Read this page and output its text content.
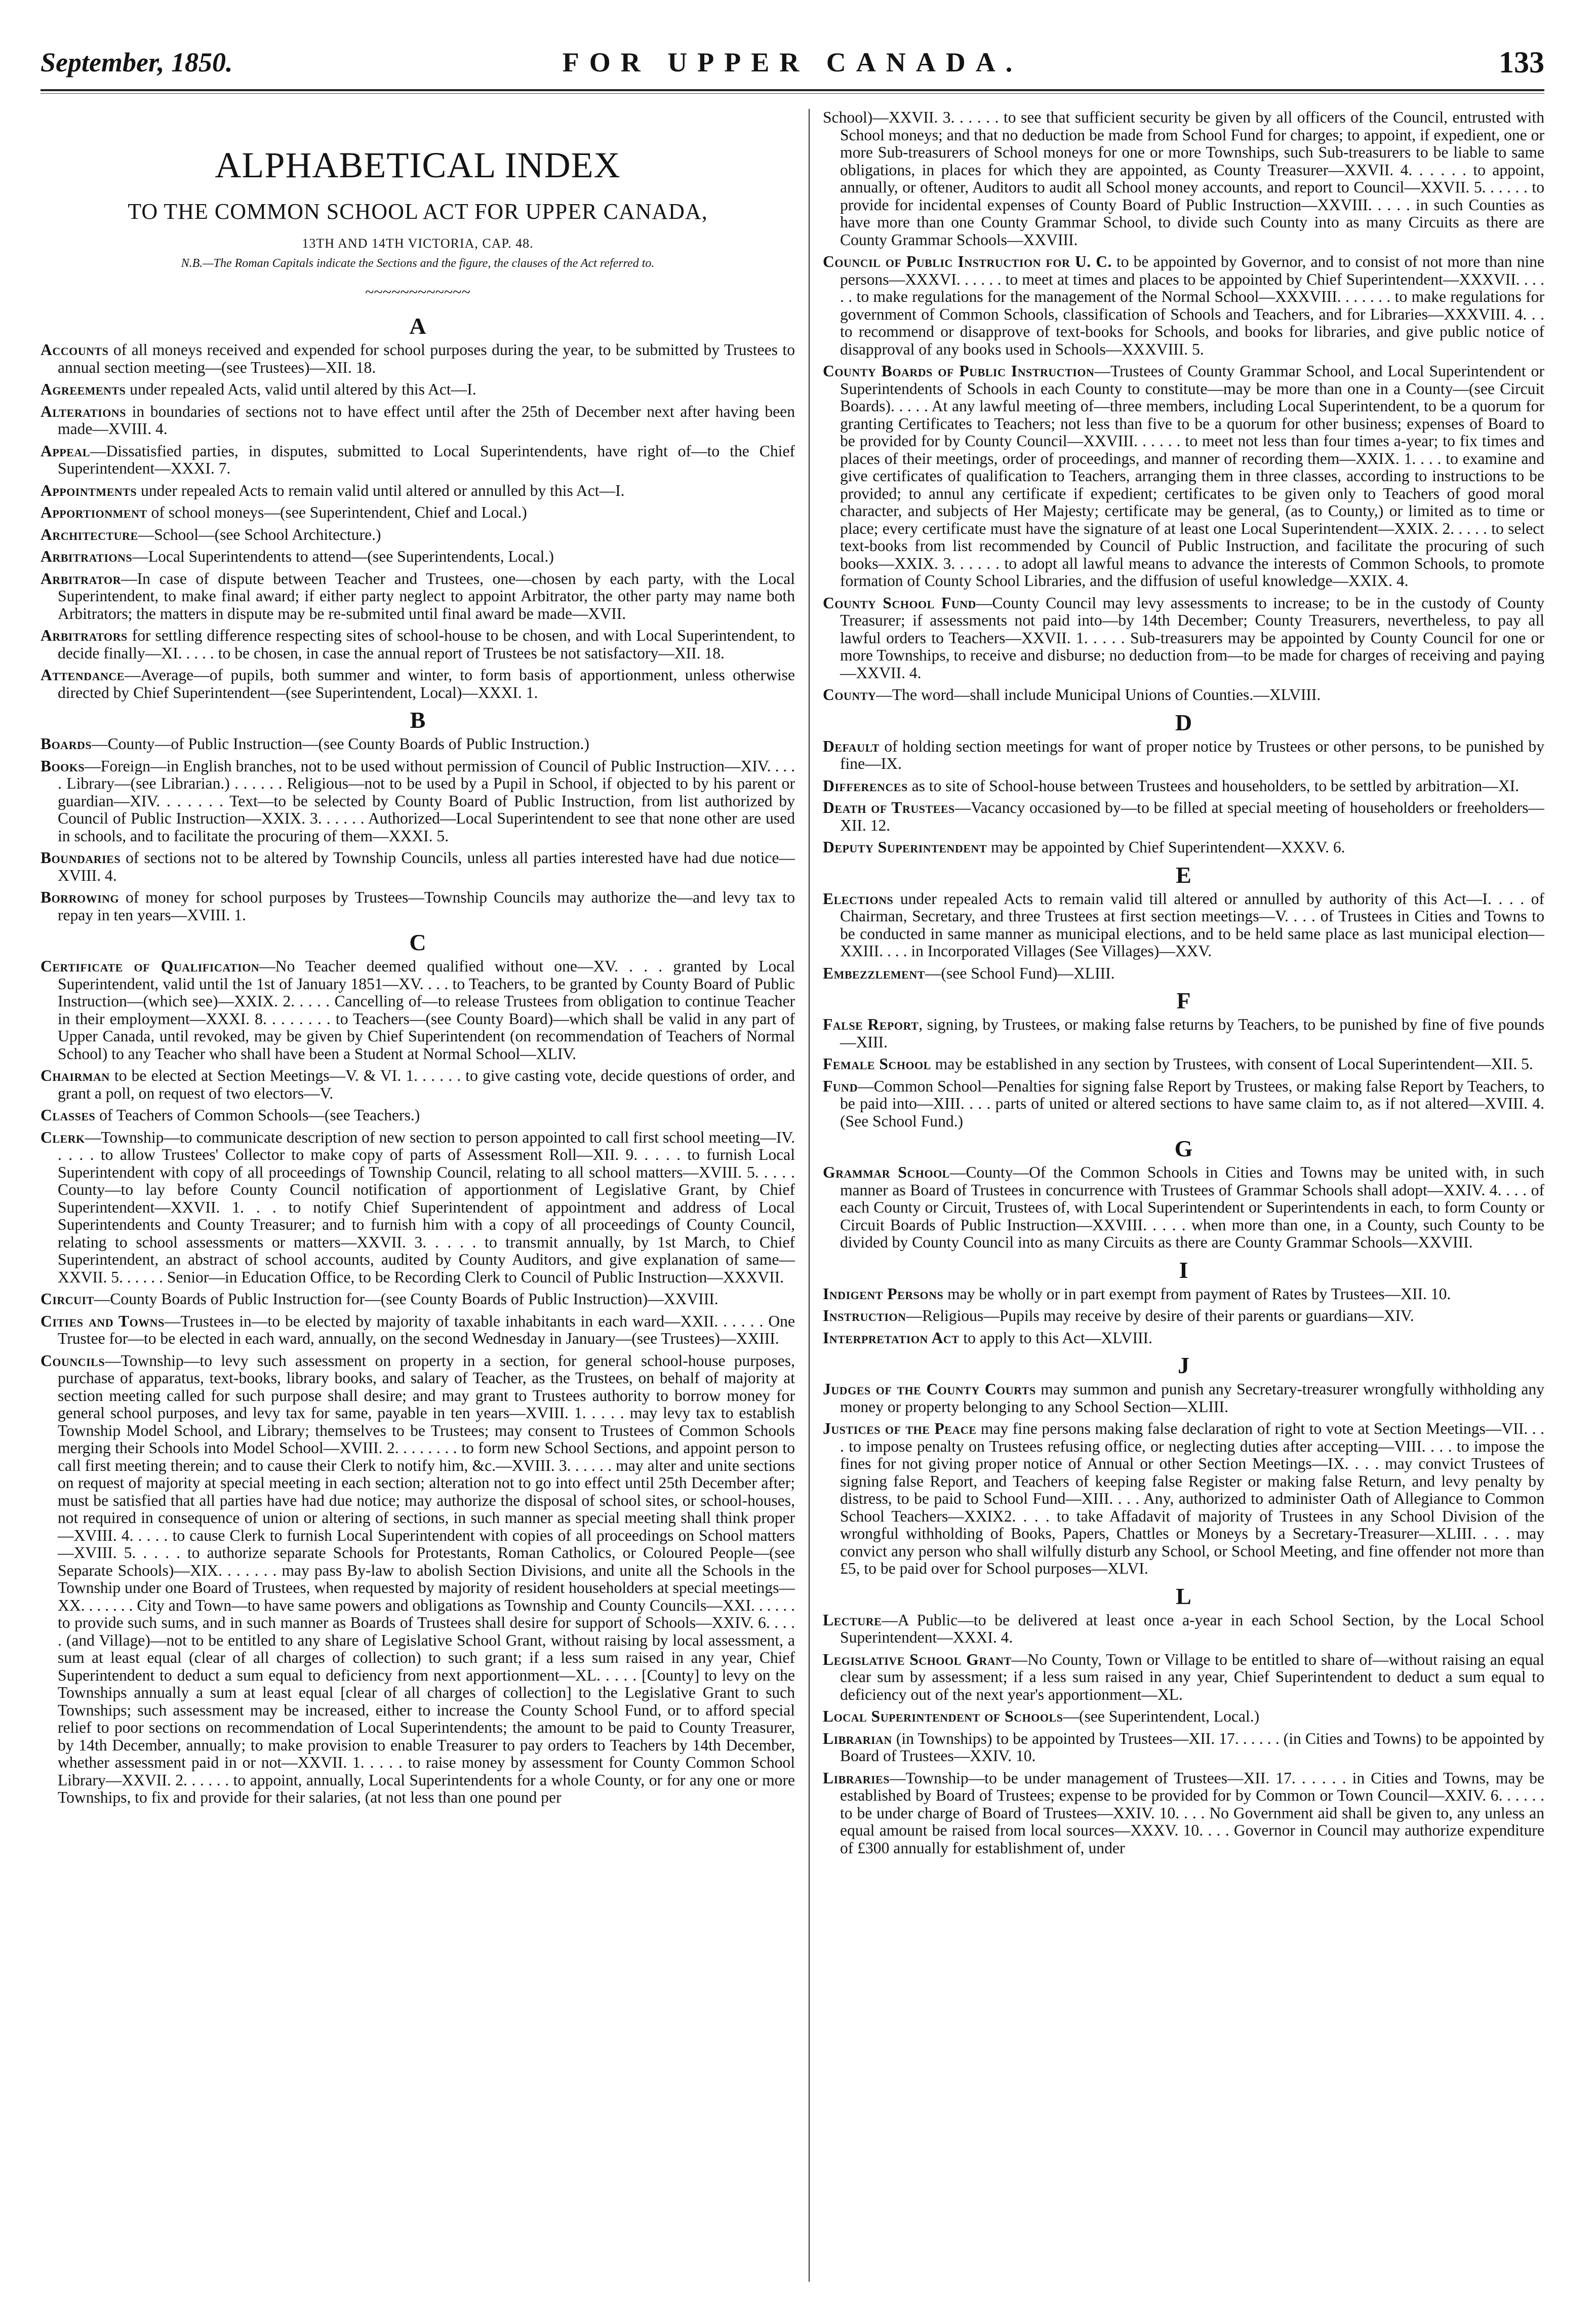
September, 1850.	FOR UPPER CANADA.	133
ALPHABETICAL INDEX
TO THE COMMON SCHOOL ACT FOR UPPER CANADA,
13TH AND 14TH VICTORIA, CAP. 48.
N.B.—The Roman Capitals indicate the Sections and the figure, the clauses of the Act referred to.
~~~~~~~~~~~~
A

Accounts of all moneys received and expended for school purposes during the year, to be submitted by Trustees to annual section meeting—(see Trustees)—XII. 18.

Agreements under repealed Acts, valid until altered by this Act—I.

Alterations in boundaries of sections not to have effect until after the 25th of December next after having been made—XVIII. 4.

Appeal—Dissatisfied parties, in disputes, submitted to Local Superintendents, have right of—to the Chief Superintendent—XXXI. 7.

Appointments under repealed Acts to remain valid until altered or annulled by this Act—I.

Apportionment of school moneys—(see Superintendent, Chief and Local.)

Architecture—School—(see School Architecture.)

Arbitrations—Local Superintendents to attend—(see Superintendents, Local.)

Arbitrator—In case of dispute between Teacher and Trustees, one—chosen by each party, with the Local Superintendent, to make final award; if either party neglect to appoint Arbitrator, the other party may name both Arbitrators; the matters in dispute may be re-submited until final award be made—XVII.

Arbitrators for settling difference respecting sites of school-house to be chosen, and with Local Superintendent, to decide finally—XI. . . . . to be chosen, in case the annual report of Trustees be not satisfactory—XII. 18.

Attendance—Average—of pupils, both summer and winter, to form basis of apportionment, unless otherwise directed by Chief Superintendent—(see Superintendent, Local)—XXXI. 1.

B

Boards—County—of Public Instruction—(see County Boards of Public Instruction.)

Books—Foreign—in English branches, not to be used without permission of Council of Public Instruction—XIV. . . . . Library—(see Librarian.) . . . . . . Religious—not to be used by a Pupil in School, if objected to by his parent or guardian—XIV. . . . . . . Text—to be selected by County Board of Public Instruction, from list authorized by Council of Public Instruction—XXIX. 3. . . . . . Authorized—Local Superintendent to see that none other are used in schools, and to facilitate the procuring of them—XXXI. 5.

Boundaries of sections not to be altered by Township Councils, unless all parties interested have had due notice—XVIII. 4.

Borrowing of money for school purposes by Trustees—Township Councils may authorize the—and levy tax to repay in ten years—XVIII. 1.

C

Certificate of Qualification—No Teacher deemed qualified without one—XV. . . . granted by Local Superintendent, valid until the 1st of January 1851—XV. . . . to Teachers, to be granted by County Board of Public Instruction—(which see)—XXIX. 2. . . . . Cancelling of—to release Trustees from obligation to continue Teacher in their employment—XXXI. 8. . . . . . . . to Teachers—(see County Board)—which shall be valid in any part of Upper Canada, until revoked, may be given by Chief Superintendent (on recommendation of Teachers of Normal School) to any Teacher who shall have been a Student at Normal School—XLIV.

Chairman to be elected at Section Meetings—V. & VI. 1. . . . . . to give casting vote, decide questions of order, and grant a poll, on request of two electors—V.

Classes of Teachers of Common Schools—(see Teachers.)

Clerk—Township—to communicate description of new section to person appointed to call first school meeting—IV. . . . . to allow Trustees' Collector to make copy of parts of Assessment Roll—XII. 9. . . . . to furnish Local Superintendent with copy of all proceedings of Township Council, relating to all school matters—XVIII. 5. . . . . County—to lay before County Council notification of apportionment of Legislative Grant, by Chief Superintendent—XXVII. 1. . . to notify Chief Superintendent of appointment and address of Local Superintendents and County Treasurer; and to furnish him with a copy of all proceedings of County Council, relating to school assessments or matters—XXVII. 3. . . . . to transmit annually, by 1st March, to Chief Superintendent, an abstract of school accounts, audited by County Auditors, and give explanation of same—XXVII. 5. . . . . . Senior—in Education Office, to be Recording Clerk to Council of Public Instruction—XXXVII.

Circuit—County Boards of Public Instruction for—(see County Boards of Public Instruction)—XXVIII.

Cities and Towns—Trustees in—to be elected by majority of taxable inhabitants in each ward—XXII. . . . . . One Trustee for—to be elected in each ward, annually, on the second Wednesday in January—(see Trustees)—XXIII.

Councils—Township—to levy such assessment on property in a section, for general school-house purposes, purchase of apparatus, text-books, library books, and salary of Teacher, as the Trustees, on behalf of majority at section meeting called for such purpose shall desire; and may grant to Trustees authority to borrow money for general school purposes, and levy tax for same, payable in ten years—XVIII. 1. . . . . may levy tax to establish Township Model School, and Library; themselves to be Trustees; may consent to Trustees of Common Schools merging their Schools into Model School—XVIII. 2. . . . . . . . to form new School Sections, and appoint person to call first meeting therein; and to cause their Clerk to notify him, &c.—XVIII. 3. . . . . . may alter and unite sections on request of majority at special meeting in each section; alteration not to go into effect until 25th December after; must be satisfied that all parties have had due notice; may authorize the disposal of school sites, or school-houses, not required in consequence of union or altering of sections, in such manner as special meeting shall think proper—XVIII. 4. . . . . to cause Clerk to furnish Local Superintendent with copies of all proceedings on School matters—XVIII. 5. . . . . to authorize separate Schools for Protestants, Roman Catholics, or Coloured People—(see Separate Schools)—XIX. . . . . . . may pass By-law to abolish Section Divisions, and unite all the Schools in the Township under one Board of Trustees, when requested by majority of resident householders at special meetings—XX. . . . . . . City and Town—to have same powers and obligations as Township and County Councils—XXI. . . . . . to provide such sums, and in such manner as Boards of Trustees shall desire for support of Schools—XXIV. 6. . . . . (and Village)—not to be entitled to any share of Legislative School Grant, without raising by local assessment, a sum at least equal (clear of all charges of collection) to such grant; if a less sum raised in any year, Chief Superintendent to deduct a sum equal to deficiency from next apportionment—XL. . . . . [County] to levy on the Townships annually a sum at least equal [clear of all charges of collection] to the Legislative Grant to such Townships; such assessment may be increased, either to increase the County School Fund, or to afford special relief to poor sections on recommendation of Local Superintendents; the amount to be paid to County Treasurer, by 14th December, annually; to make provision to enable Treasurer to pay orders to Teachers by 14th December, whether assessment paid in or not—XXVII. 1. . . . . to raise money by assessment for County Common School Library—XXVII. 2. . . . . . to appoint, annually, Local Superintendents for a whole County, or for any one or more Townships, to fix and provide for their salaries, (at not less than one pound per

School)—XXVII. 3. . . . . . to see that sufficient security be given by all officers of the Council, entrusted with School moneys; and that no deduction be made from School Fund for charges; to appoint, if expedient, one or more Sub-treasurers of School moneys for one or more Townships, such Sub-treasurers to be liable to same obligations, in places for which they are appointed, as County Treasurer—XXVII. 4. . . . . . to appoint, annually, or oftener, Auditors to audit all School money accounts, and report to Council—XXVII. 5. . . . . . to provide for incidental expenses of County Board of Public Instruction—XXVIII. . . . . in such Counties as have more than one County Grammar School, to divide such County into as many Circuits as there are County Grammar Schools—XXVIII.

Council of Public Instruction for U. C. to be appointed by Governor, and to consist of not more than nine persons—XXXVI. . . . . . to meet at times and places to be appointed by Chief Superintendent—XXXVII. . . . . . to make regulations for the management of the Normal School—XXXVIII. . . . . . . to make regulations for government of Common Schools, classification of Schools and Teachers, and for Libraries—XXXVIII. 4. . . to recommend or disapprove of text-books for Schools, and books for libraries, and give public notice of disapproval of any books used in Schools—XXXVIII. 5.

County Boards of Public Instruction—Trustees of County Grammar School, and Local Superintendent or Superintendents of Schools in each County to constitute—may be more than one in a County—(see Circuit Boards). . . . . At any lawful meeting of—three members, including Local Superintendent, to be a quorum for granting Certificates to Teachers; not less than five to be a quorum for other business; expenses of Board to be provided for by County Council—XXVIII. . . . . . to meet not less than four times a-year; to fix times and places of their meetings, order of proceedings, and manner of recording them—XXIX. 1. . . . to examine and give certificates of qualification to Teachers, arranging them in three classes, according to instructions to be provided; to annul any certificate if expedient; certificates to be given only to Teachers of good moral character, and subjects of Her Majesty; certificate may be general, (as to County,) or limited as to time or place; every certificate must have the signature of at least one Local Superintendent—XXIX. 2. . . . . to select text-books from list recommended by Council of Public Instruction, and facilitate the procuring of such books—XXIX. 3. . . . . . to adopt all lawful means to advance the interests of Common Schools, to promote formation of County School Libraries, and the diffusion of useful knowledge—XXIX. 4.

County School Fund—County Council may levy assessments to increase; to be in the custody of County Treasurer; if assessments not paid into—by 14th December; County Treasurers, nevertheless, to pay all lawful orders to Teachers—XXVII. 1. . . . . Sub-treasurers may be appointed by County Council for one or more Townships, to receive and disburse; no deduction from—to be made for charges of receiving and paying—XXVII. 4.

County—The word—shall include Municipal Unions of Counties.—XLVIII.

D

Default of holding section meetings for want of proper notice by Trustees or other persons, to be punished by fine—IX.

Differences as to site of School-house between Trustees and householders, to be settled by arbitration—XI.

Death of Trustees—Vacancy occasioned by—to be filled at special meeting of householders or freeholders—XII. 12.

Deputy Superintendent may be appointed by Chief Superintendent—XXXV. 6.

E

Elections under repealed Acts to remain valid till altered or annulled by authority of this Act—I. . . . of Chairman, Secretary, and three Trustees at first section meetings—V. . . . of Trustees in Cities and Towns to be conducted in same manner as municipal elections, and to be held same place as last municipal election—XXIII. . . . in Incorporated Villages (See Villages)—XXV.

Embezzlement—(see School Fund)—XLIII.

F

False Report, signing, by Trustees, or making false returns by Teachers, to be punished by fine of five pounds—XIII.

Female School may be established in any section by Trustees, with consent of Local Superintendent—XII. 5.

Fund—Common School—Penalties for signing false Report by Trustees, or making false Report by Teachers, to be paid into—XIII. . . . parts of united or altered sections to have same claim to, as if not altered—XVIII. 4. (See School Fund.)

G

Grammar School—County—Of the Common Schools in Cities and Towns may be united with, in such manner as Board of Trustees in concurrence with Trustees of Grammar Schools shall adopt—XXIV. 4. . . . of each County or Circuit, Trustees of, with Local Superintendent or Superintendents in each, to form County or Circuit Boards of Public Instruction—XXVIII. . . . . when more than one, in a County, such County to be divided by County Council into as many Circuits as there are County Grammar Schools—XXVIII.

I

Indigent Persons may be wholly or in part exempt from payment of Rates by Trustees—XII. 10.

Instruction—Religious—Pupils may receive by desire of their parents or guardians—XIV.

Interpretation Act to apply to this Act—XLVIII.

J

Judges of the County Courts may summon and punish any Secretary-treasurer wrongfully withholding any money or property belonging to any School Section—XLIII.

Justices of the Peace may fine persons making false declaration of right to vote at Section Meetings—VII. . . . to impose penalty on Trustees refusing office, or neglecting duties after accepting—VIII. . . . to impose the fines for not giving proper notice of Annual or other Section Meetings—IX. . . . may convict Trustees of signing false Report, and Teachers of keeping false Register or making false Return, and levy penalty by distress, to be paid to School Fund—XIII. . . . Any, authorized to administer Oath of Allegiance to Common School Teachers—XXIX2. . . . to take Affadavit of majority of Trustees in any School Division of the wrongful withholding of Books, Papers, Chattles or Moneys by a Secretary-Treasurer—XLIII. . . . may convict any person who shall wilfully disturb any School, or School Meeting, and fine offender not more than £5, to be paid over for School purposes—XLVI.

L

Lecture—A Public—to be delivered at least once a-year in each School Section, by the Local School Superintendent—XXXI. 4.

Legislative School Grant—No County, Town or Village to be entitled to share of—without raising an equal clear sum by assessment; if a less sum raised in any year, Chief Superintendent to deduct a sum equal to deficiency out of the next year's apportionment—XL.

Local Superintendent of Schools—(see Superintendent, Local.)

Librarian (in Townships) to be appointed by Trustees—XII. 17. . . . . . (in Cities and Towns) to be appointed by Board of Trustees—XXIV. 10.

Libraries—Township—to be under management of Trustees—XII. 17. . . . . . in Cities and Towns, may be established by Board of Trustees; expense to be provided for by Common or Town Council—XXIV. 6. . . . . . to be under charge of Board of Trustees—XXIV. 10. . . . No Government aid shall be given to, any unless an equal amount be raised from local sources—XXXV. 10. . . . Governor in Council may authorize expenditure of £300 annually for establishment of, under
